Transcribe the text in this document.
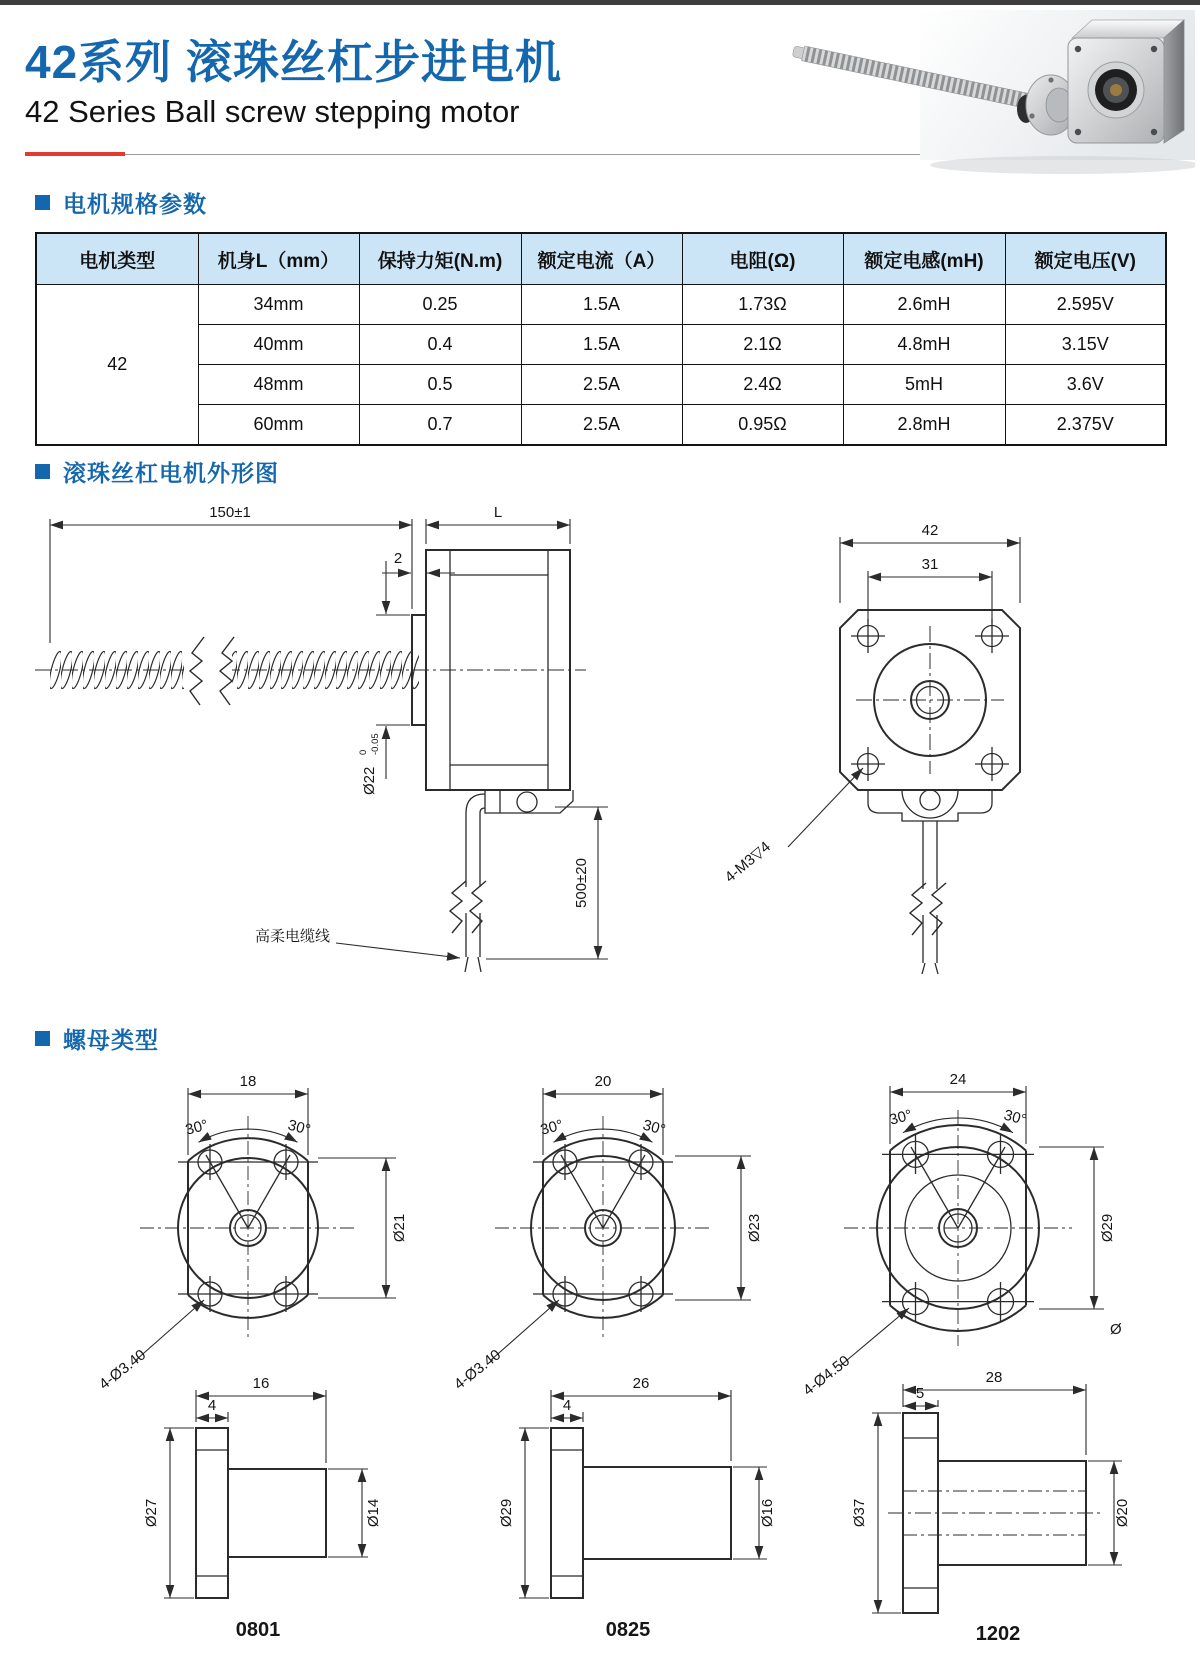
42系列 滚珠丝杠步进电机
42 Series Ball screw stepping motor
电机规格参数
电机类型	机身L（mm）	保持力矩(N.m)	额定电流（A）	电阻(Ω)	额定电感(mH)	额定电压(V)
42	34mm	0.25	1.5A	1.73Ω	2.6mH	2.595V
	40mm	0.4	1.5A	2.1Ω	4.8mH	3.15V
	48mm	0.5	2.5A	2.4Ω	5mH	3.6V
	60mm	0.7	2.5A	0.95Ω	2.8mH	2.375V
滚珠丝杠电机外形图
150±1	L
2
Ø22
0 -0.05
500±20
高柔电缆线
42
31
4-M3▽4
螺母类型
30°	30°
18
Ø21
4-Ø3.40	16
4
Ø27	Ø14
0801
30°	30°
20
Ø23
4-Ø3.40	26
4
Ø29	Ø16
0825
30°	30°
24
Ø29
Ø
4-Ø4.50	28
5
Ø37	Ø20
1202
